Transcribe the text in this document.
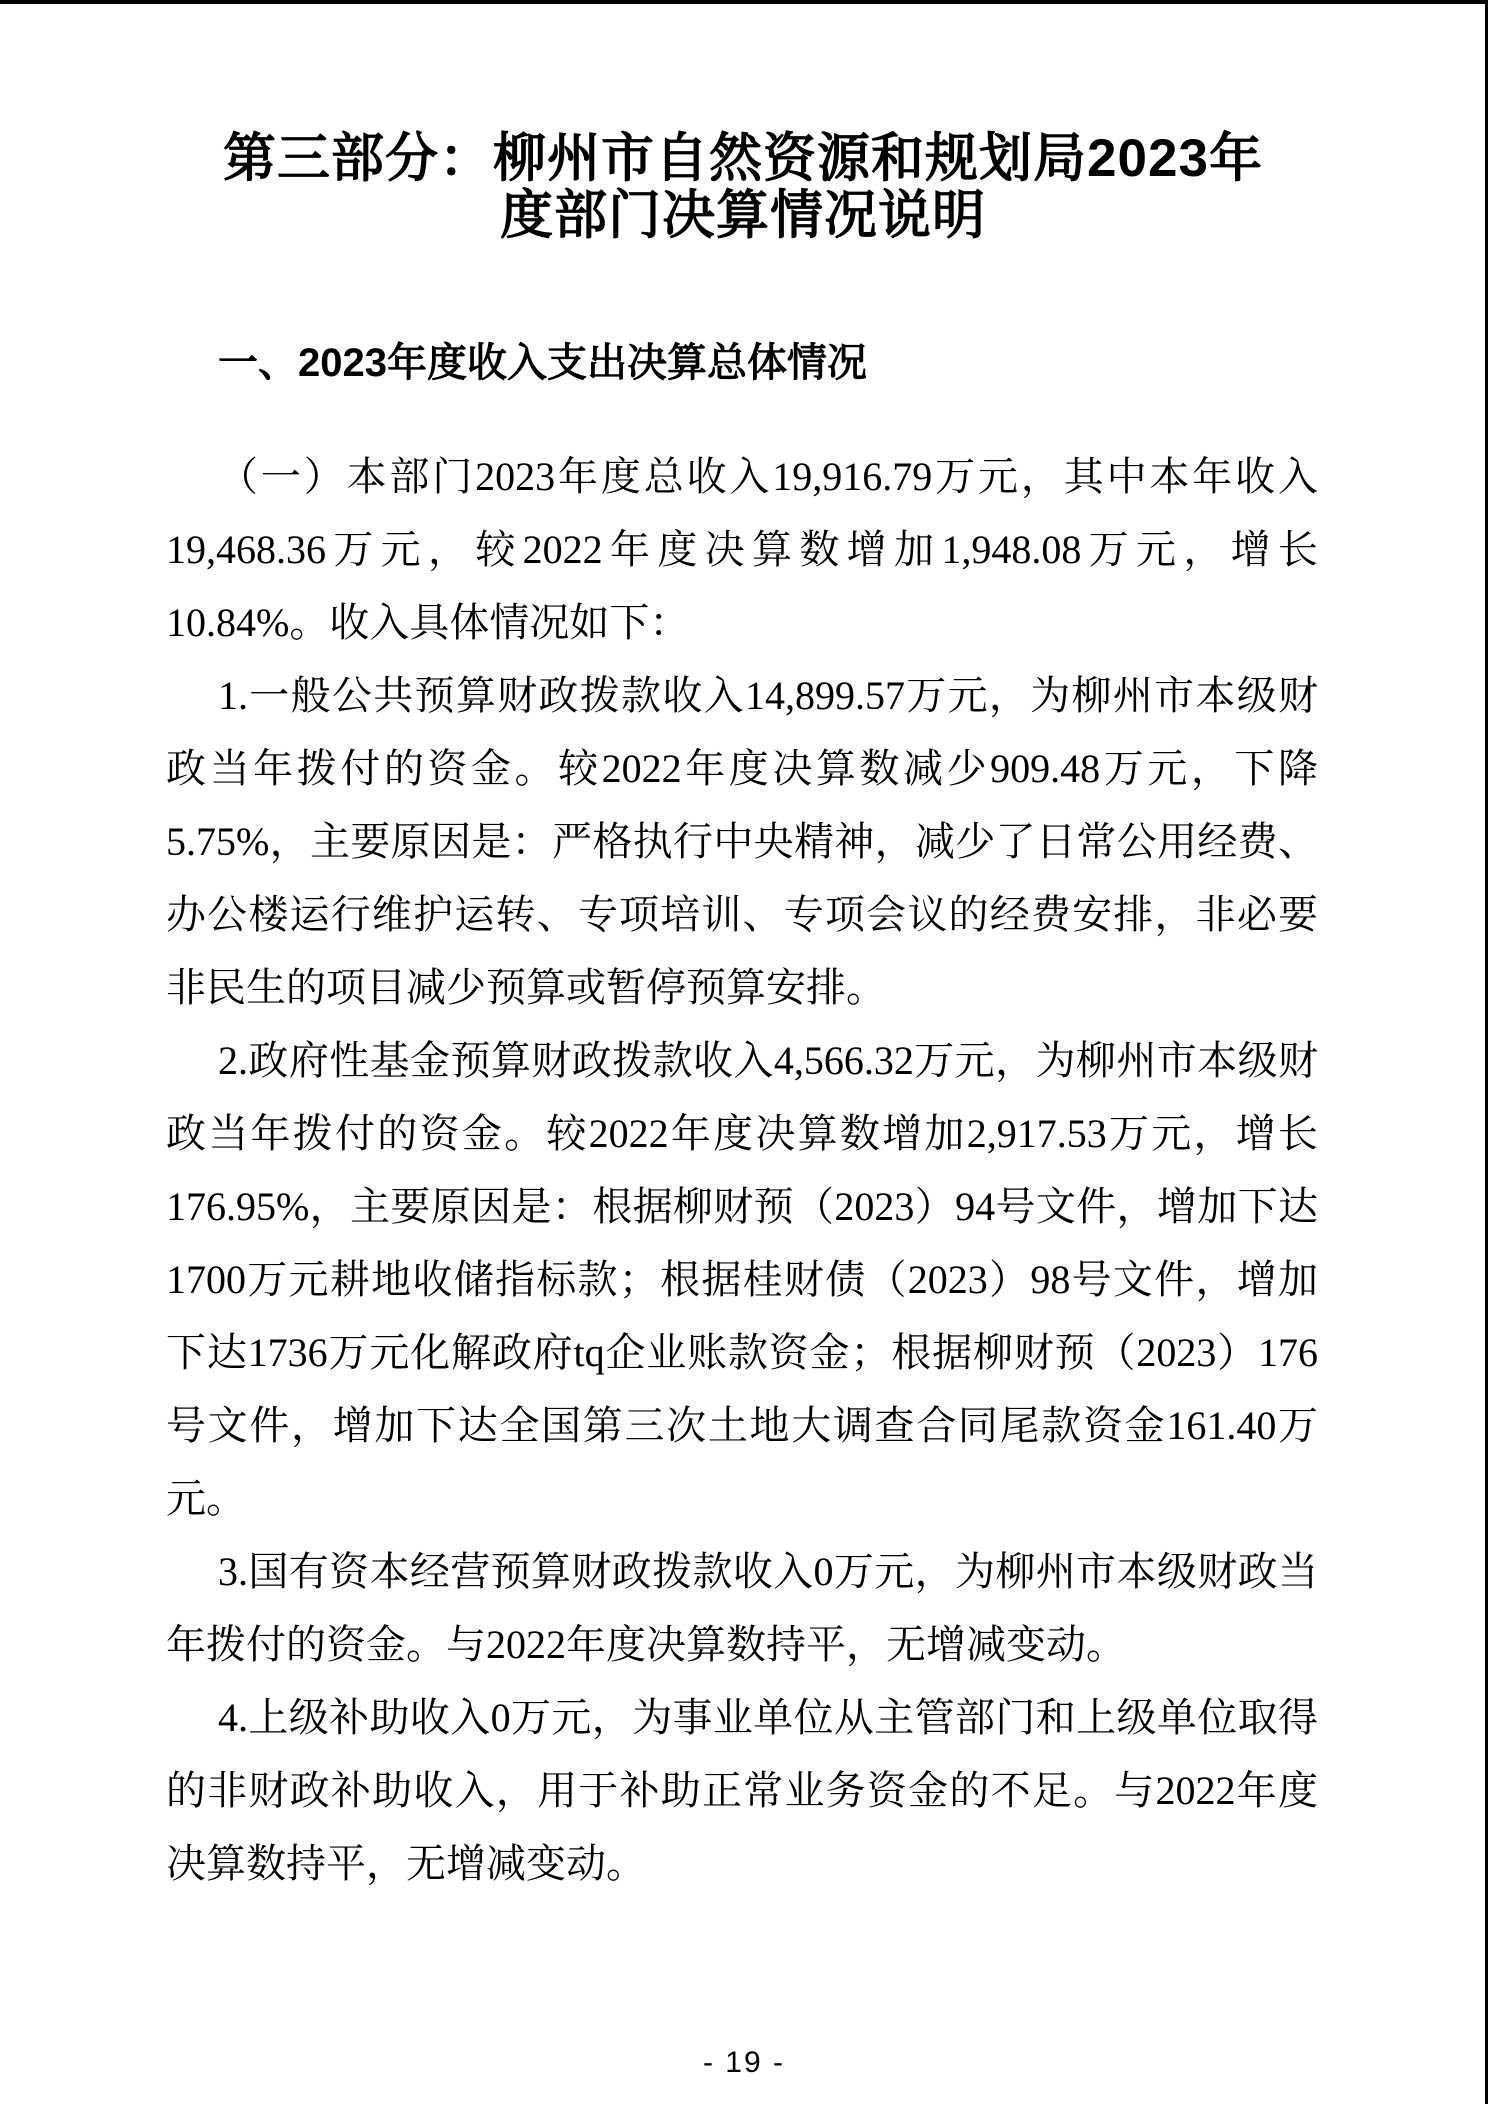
第三部分：柳州市自然资源和规划局2023年
度部门决算情况说明
一、2023年度收入支出决算总体情况

（一）本部门2023年度总收入19,916.79万元，其中本年收入19,468.36万元，较2022年度决算数增加1,948.08万元，增长10.84%。收入具体情况如下：

1.一般公共预算财政拨款收入14,899.57万元，为柳州市本级财政当年拨付的资金。较2022年度决算数减少909.48万元，下降5.75%，主要原因是：严格执行中央精神，减少了日常公用经费、办公楼运行维护运转、专项培训、专项会议的经费安排，非必要非民生的项目减少预算或暂停预算安排。

2.政府性基金预算财政拨款收入4,566.32万元，为柳州市本级财政当年拨付的资金。较2022年度决算数增加2,917.53万元，增长176.95%，主要原因是：根据柳财预（2023）94号文件，增加下达1700万元耕地收储指标款；根据桂财债（2023）98号文件，增加下达1736万元化解政府tq企业账款资金；根据柳财预（2023）176号文件，增加下达全国第三次土地大调查合同尾款资金161.40万元。

3.国有资本经营预算财政拨款收入0万元，为柳州市本级财政当年拨付的资金。与2022年度决算数持平，无增减变动。

4.上级补助收入0万元，为事业单位从主管部门和上级单位取得的非财政补助收入，用于补助正常业务资金的不足。与2022年度决算数持平，无增减变动。

- 19 -
